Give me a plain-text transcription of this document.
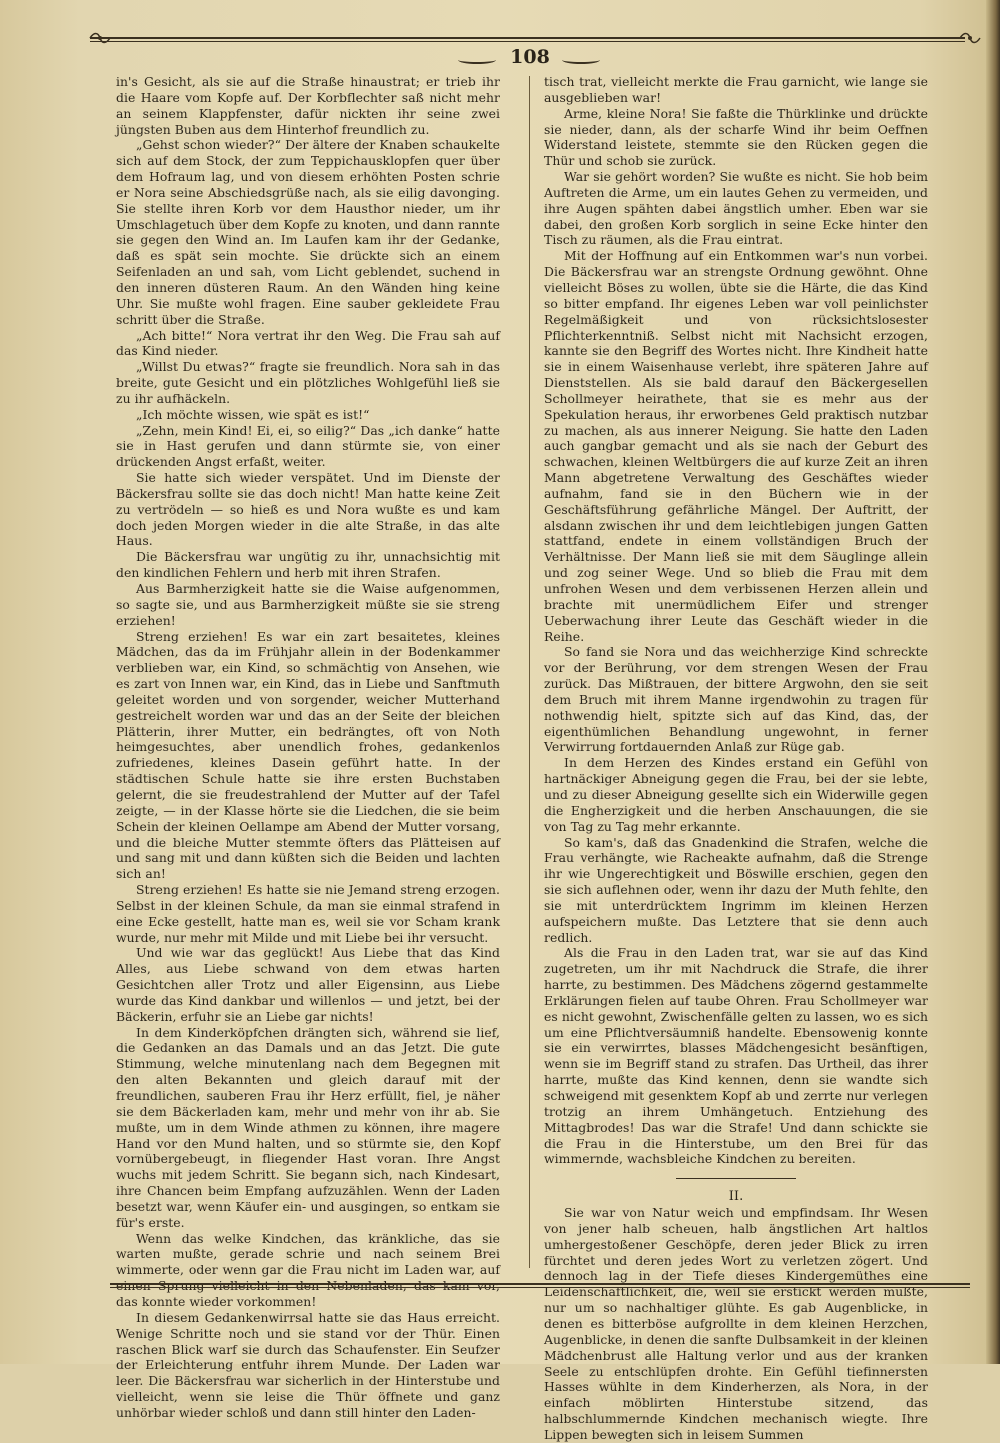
108

in's Gesicht, als sie auf die Straße hinaustrat; er trieb ihr die Haare vom Kopfe auf. Der Korbflechter saß nicht mehr an seinem Klappfenster, dafür nickten ihr seine zwei jüngsten Buben aus dem Hinterhof freundlich zu.

„Gehst schon wieder?“ Der ältere der Knaben schaukelte sich auf dem Stock, der zum Teppichausklopfen quer über dem Hofraum lag, und von diesem erhöhten Posten schrie er Nora seine Abschiedsgrüße nach, als sie eilig davonging. Sie stellte ihren Korb vor dem Hausthor nieder, um ihr Umschlagetuch über dem Kopfe zu knoten, und dann rannte sie gegen den Wind an. Im Laufen kam ihr der Gedanke, daß es spät sein mochte. Sie drückte sich an einem Seifenladen an und sah, vom Licht geblendet, suchend in den inneren düsteren Raum. An den Wänden hing keine Uhr. Sie mußte wohl fragen. Eine sauber gekleidete Frau schritt über die Straße.

„Ach bitte!“ Nora vertrat ihr den Weg. Die Frau sah auf das Kind nieder.

„Willst Du etwas?“ fragte sie freundlich. Nora sah in das breite, gute Gesicht und ein plötzliches Wohlgefühl ließ sie zu ihr aufhäckeln.

„Ich möchte wissen, wie spät es ist!“

„Zehn, mein Kind! Ei, ei, so eilig?“ Das „ich danke“ hatte sie in Hast gerufen und dann stürmte sie, von einer drückenden Angst erfaßt, weiter.

Sie hatte sich wieder verspätet. Und im Dienste der Bäckersfrau sollte sie das doch nicht! Man hatte keine Zeit zu vertrödeln — so hieß es und Nora wußte es und kam doch jeden Morgen wieder in die alte Straße, in das alte Haus.

Die Bäckersfrau war ungütig zu ihr, unnachsichtig mit den kindlichen Fehlern und herb mit ihren Strafen.

Aus Barmherzigkeit hatte sie die Waise aufgenommen, so sagte sie, und aus Barmherzigkeit müßte sie sie streng erziehen!

Streng erziehen! Es war ein zart besaitetes, kleines Mädchen, das da im Frühjahr allein in der Bodenkammer verblieben war, ein Kind, so schmächtig von Ansehen, wie es zart von Innen war, ein Kind, das in Liebe und Sanftmuth geleitet worden und von sorgender, weicher Mutterhand gestreichelt worden war und das an der Seite der bleichen Plätterin, ihrer Mutter, ein bedrängtes, oft von Noth heimgesuchtes, aber unendlich frohes, gedankenlos zufriedenes, kleines Dasein geführt hatte. In der städtischen Schule hatte sie ihre ersten Buchstaben gelernt, die sie freudestrahlend der Mutter auf der Tafel zeigte, — in der Klasse hörte sie die Liedchen, die sie beim Schein der kleinen Oellampe am Abend der Mutter vorsang, und die bleiche Mutter stemmte öfters das Plätteisen auf und sang mit und dann küßten sich die Beiden und lachten sich an!

Streng erziehen! Es hatte sie nie Jemand streng erzogen. Selbst in der kleinen Schule, da man sie einmal strafend in eine Ecke gestellt, hatte man es, weil sie vor Scham krank wurde, nur mehr mit Milde und mit Liebe bei ihr versucht.

Und wie war das geglückt! Aus Liebe that das Kind Alles, aus Liebe schwand von dem etwas harten Gesichtchen aller Trotz und aller Eigensinn, aus Liebe wurde das Kind dankbar und willenlos — und jetzt, bei der Bäckerin, erfuhr sie an Liebe gar nichts!

In dem Kinderköpfchen drängten sich, während sie lief, die Gedanken an das Damals und an das Jetzt. Die gute Stimmung, welche minutenlang nach dem Begegnen mit den alten Bekannten und gleich darauf mit der freundlichen, sauberen Frau ihr Herz erfüllt, fiel, je näher sie dem Bäckerladen kam, mehr und mehr von ihr ab. Sie mußte, um in dem Winde athmen zu können, ihre magere Hand vor den Mund halten, und so stürmte sie, den Kopf vornübergebeugt, in fliegender Hast voran. Ihre Angst wuchs mit jedem Schritt. Sie begann sich, nach Kindesart, ihre Chancen beim Empfang aufzuzählen. Wenn der Laden besetzt war, wenn Käufer ein- und ausgingen, so entkam sie für's erste.

Wenn das welke Kindchen, das kränkliche, das sie warten mußte, gerade schrie und nach seinem Brei wimmerte, oder wenn gar die Frau nicht im Laden war, auf einen Sprung vielleicht in den Nebenladen, das kam vor, das konnte wieder vorkommen!

In diesem Gedankenwirrsal hatte sie das Haus erreicht. Wenige Schritte noch und sie stand vor der Thür. Einen raschen Blick warf sie durch das Schaufenster. Ein Seufzer der Erleichterung entfuhr ihrem Munde. Der Laden war leer. Die Bäckersfrau war sicherlich in der Hinterstube und vielleicht, wenn sie leise die Thür öffnete und ganz unhörbar wieder schloß und dann still hinter den Laden-

tisch trat, vielleicht merkte die Frau garnicht, wie lange sie ausgeblieben war!

Arme, kleine Nora! Sie faßte die Thürklinke und drückte sie nieder, dann, als der scharfe Wind ihr beim Oeffnen Widerstand leistete, stemmte sie den Rücken gegen die Thür und schob sie zurück.

War sie gehört worden? Sie wußte es nicht. Sie hob beim Auftreten die Arme, um ein lautes Gehen zu vermeiden, und ihre Augen spähten dabei ängstlich umher. Eben war sie dabei, den großen Korb sorglich in seine Ecke hinter den Tisch zu räumen, als die Frau eintrat.

Mit der Hoffnung auf ein Entkommen war's nun vorbei. Die Bäckersfrau war an strengste Ordnung gewöhnt. Ohne vielleicht Böses zu wollen, übte sie die Härte, die das Kind so bitter empfand. Ihr eigenes Leben war voll peinlichster Regelmäßigkeit und von rücksichtslosester Pflichterkenntniß. Selbst nicht mit Nachsicht erzogen, kannte sie den Begriff des Wortes nicht. Ihre Kindheit hatte sie in einem Waisenhause verlebt, ihre späteren Jahre auf Dienststellen. Als sie bald darauf den Bäckergesellen Schollmeyer heirathete, that sie es mehr aus der Spekulation heraus, ihr erworbenes Geld praktisch nutzbar zu machen, als aus innerer Neigung. Sie hatte den Laden auch gangbar gemacht und als sie nach der Geburt des schwachen, kleinen Weltbürgers die auf kurze Zeit an ihren Mann abgetretene Verwaltung des Geschäftes wieder aufnahm, fand sie in den Büchern wie in der Geschäftsführung gefährliche Mängel. Der Auftritt, der alsdann zwischen ihr und dem leichtlebigen jungen Gatten stattfand, endete in einem vollständigen Bruch der Verhältnisse. Der Mann ließ sie mit dem Säuglinge allein und zog seiner Wege. Und so blieb die Frau mit dem unfrohen Wesen und dem verbissenen Herzen allein und brachte mit unermüdlichem Eifer und strenger Ueberwachung ihrer Leute das Geschäft wieder in die Reihe.

So fand sie Nora und das weichherzige Kind schreckte vor der Berührung, vor dem strengen Wesen der Frau zurück. Das Mißtrauen, der bittere Argwohn, den sie seit dem Bruch mit ihrem Manne irgendwohin zu tragen für nothwendig hielt, spitzte sich auf das Kind, das, der eigenthümlichen Behandlung ungewohnt, in ferner Verwirrung fortdauernden Anlaß zur Rüge gab.

In dem Herzen des Kindes erstand ein Gefühl von hartnäckiger Abneigung gegen die Frau, bei der sie lebte, und zu dieser Abneigung gesellte sich ein Widerwille gegen die Engherzigkeit und die herben Anschauungen, die sie von Tag zu Tag mehr erkannte.

So kam's, daß das Gnadenkind die Strafen, welche die Frau verhängte, wie Racheakte aufnahm, daß die Strenge ihr wie Ungerechtigkeit und Böswille erschien, gegen den sie sich auflehnen oder, wenn ihr dazu der Muth fehlte, den sie mit unterdrücktem Ingrimm im kleinen Herzen aufspeichern mußte. Das Letztere that sie denn auch redlich.

Als die Frau in den Laden trat, war sie auf das Kind zugetreten, um ihr mit Nachdruck die Strafe, die ihrer harrte, zu bestimmen. Des Mädchens zögernd gestammelte Erklärungen fielen auf taube Ohren. Frau Schollmeyer war es nicht gewohnt, Zwischenfälle gelten zu lassen, wo es sich um eine Pflichtversäumniß handelte. Ebensowenig konnte sie ein verwirrtes, blasses Mädchengesicht besänftigen, wenn sie im Begriff stand zu strafen. Das Urtheil, das ihrer harrte, mußte das Kind kennen, denn sie wandte sich schweigend mit gesenktem Kopf ab und zerrte nur verlegen trotzig an ihrem Umhängetuch. Entziehung des Mittagbrodes! Das war die Strafe! Und dann schickte sie die Frau in die Hinterstube, um den Brei für das wimmernde, wachsbleiche Kindchen zu bereiten.

II.

Sie war von Natur weich und empfindsam. Ihr Wesen von jener halb scheuen, halb ängstlichen Art haltlos umhergestoßener Geschöpfe, deren jeder Blick zu irren fürchtet und deren jedes Wort zu verletzen zögert. Und dennoch lag in der Tiefe dieses Kindergemüthes eine Leidenschaftlichkeit, die, weil sie erstickt werden mußte, nur um so nachhaltiger glühte. Es gab Augenblicke, in denen es bitterböse aufgrollte in dem kleinen Herzchen, Augenblicke, in denen die sanfte Dulbsamkeit in der kleinen Mädchenbrust alle Haltung verlor und aus der kranken Seele zu entschlüpfen drohte. Ein Gefühl tiefinnersten Hasses wühlte in dem Kinderherzen, als Nora, in der einfach möblirten Hinterstube sitzend, das halbschlummernde Kindchen mechanisch wiegte. Ihre Lippen bewegten sich in leisem Summen
